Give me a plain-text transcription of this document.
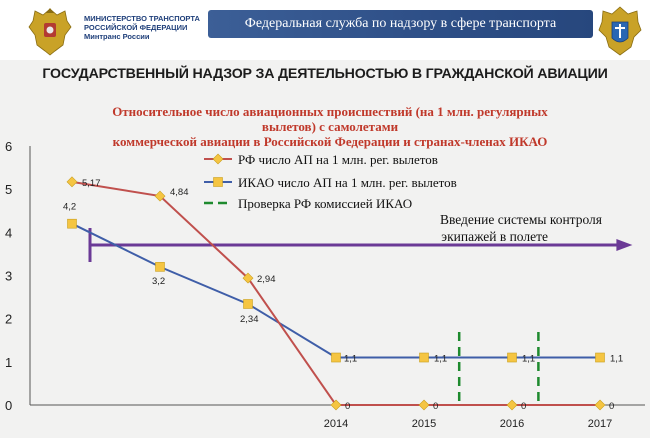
МИНИСТЕРСТВО ТРАНСПОРТА
РОССИЙСКОЙ ФЕДЕРАЦИИ
Минтранс России
Федеральная служба по надзору в сфере транспорта
ГОСУДАРСТВЕННЫЙ НАДЗОР ЗА ДЕЯТЕЛЬНОСТЬЮ В ГРАЖДАНСКОЙ АВИАЦИИ
Относительное число авиационных происшествий (на 1 млн. регулярных вылетов) с самолетами
коммерческой авиации в Российской Федерации и странах-членах ИКАО
0
1
2
3
4
5
6
2014	2015	2016	2017
Введение системы контроля
экипажей в полете
4,2
3,2
2,34
1,1	1,1	1,1	1,1
5,17
4,84
2,94
0	0	0	0
РФ число АП на 1 млн. рег. вылетов
ИКАО число АП на 1 млн. рег. вылетов
Проверка РФ комиссией ИКАО
